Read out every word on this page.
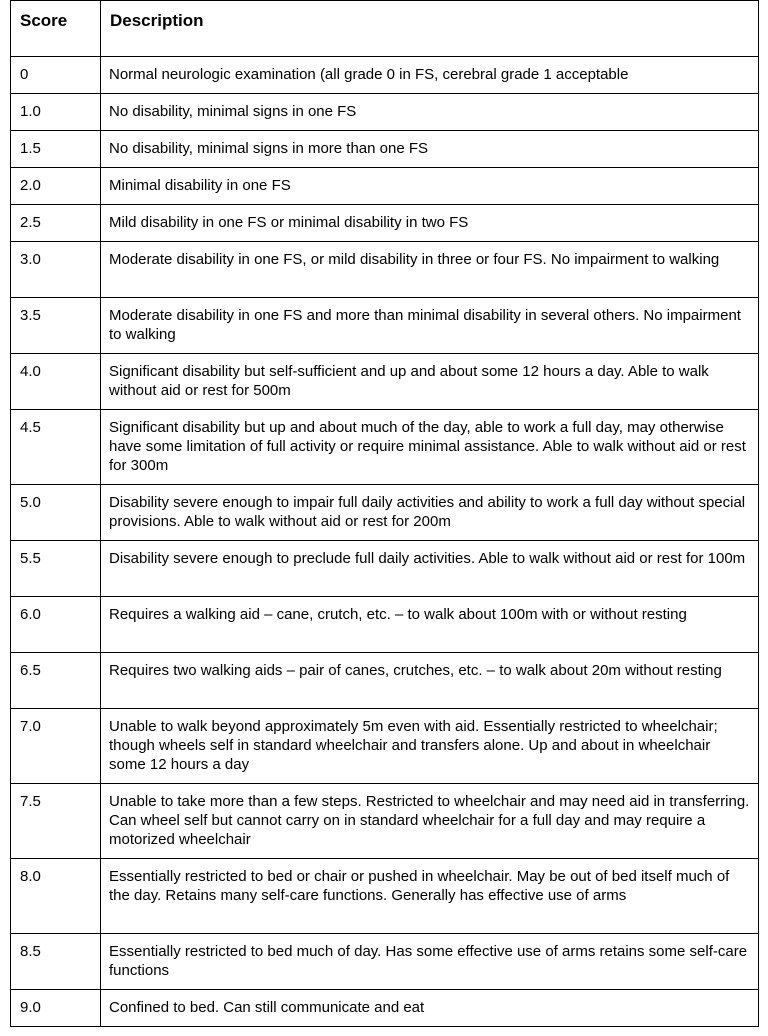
Score	Description
0	Normal neurologic examination (all grade 0 in FS, cerebral grade 1 acceptable
1.0	No disability, minimal signs in one FS
1.5	No disability, minimal signs in more than one FS
2.0	Minimal disability in one FS
2.5	Mild disability in one FS or minimal disability in two FS
3.0	Moderate disability in one FS, or mild disability in three or four FS. No impairment to walking
3.5	Moderate disability in one FS and more than minimal disability in several others. No impairment to walking
4.0	Significant disability but self-sufficient and up and about some 12 hours a day. Able to walk without aid or rest for 500m
4.5	Significant disability but up and about much of the day, able to work a full day, may otherwise have some limitation of full activity or require minimal assistance. Able to walk without aid or rest for 300m
5.0	Disability severe enough to impair full daily activities and ability to work a full day without special provisions. Able to walk without aid or rest for 200m
5.5	Disability severe enough to preclude full daily activities. Able to walk without aid or rest for 100m
6.0	Requires a walking aid – cane, crutch, etc. – to walk about 100m with or without resting
6.5	Requires two walking aids – pair of canes, crutches, etc. – to walk about 20m without resting
7.0	Unable to walk beyond approximately 5m even with aid. Essentially restricted to wheelchair; though wheels self in standard wheelchair and transfers alone. Up and about in wheelchair some 12 hours a day
7.5	Unable to take more than a few steps. Restricted to wheelchair and may need aid in transferring. Can wheel self but cannot carry on in standard wheelchair for a full day and may require a motorized wheelchair
8.0	Essentially restricted to bed or chair or pushed in wheelchair. May be out of bed itself much of the day. Retains many self-care functions. Generally has effective use of arms
8.5	Essentially restricted to bed much of day. Has some effective use of arms retains some self-care functions
9.0	Confined to bed. Can still communicate and eat
